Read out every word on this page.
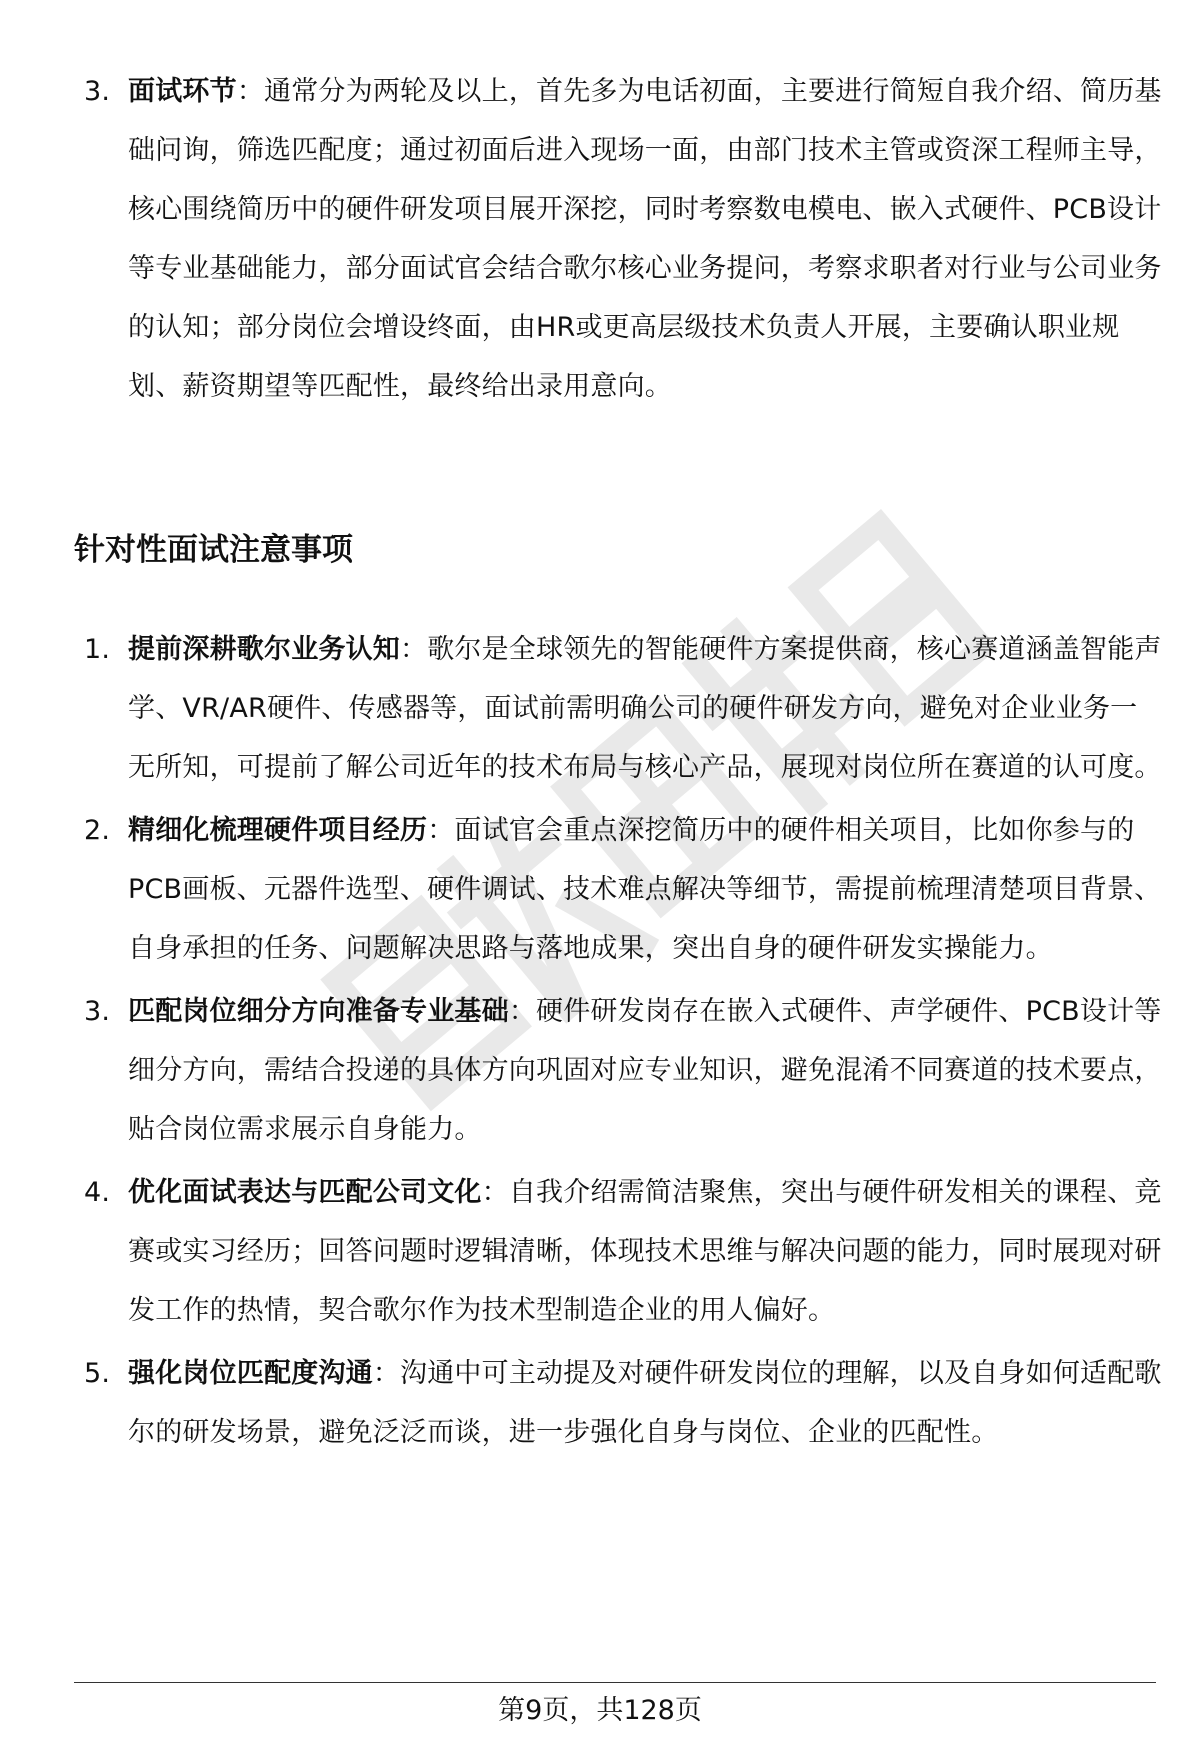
3. 面试环节：通常分为两轮及以上，首先多为电话初面，主要进行简短自我介绍、简历基础问询，筛选匹配度；通过初面后进入现场一面，由部门技术主管或资深工程师主导，核心围绕简历中的硬件研发项目展开深挖，同时考察数电模电、嵌入式硬件、PCB设计等专业基础能力，部分面试官会结合歌尔核心业务提问，考察求职者对行业与公司业务的认知；部分岗位会增设终面，由HR或更高层级技术负责人开展，主要确认职业规划、薪资期望等匹配性，最终给出录用意向。
针对性面试注意事项
1. 提前深耕歌尔业务认知：歌尔是全球领先的智能硬件方案提供商，核心赛道涵盖智能声学、VR/AR硬件、传感器等，面试前需明确公司的硬件研发方向，避免对企业业务一无所知，可提前了解公司近年的技术布局与核心产品，展现对岗位所在赛道的认可度。
2. 精细化梳理硬件项目经历：面试官会重点深挖简历中的硬件相关项目，比如你参与的PCB画板、元器件选型、硬件调试、技术难点解决等细节，需提前梳理清楚项目背景、自身承担的任务、问题解决思路与落地成果，突出自身的硬件研发实操能力。
3. 匹配岗位细分方向准备专业基础：硬件研发岗存在嵌入式硬件、声学硬件、PCB设计等细分方向，需结合投递的具体方向巩固对应专业知识，避免混淆不同赛道的技术要点，贴合岗位需求展示自身能力。
4. 优化面试表达与匹配公司文化：自我介绍需简洁聚焦，突出与硬件研发相关的课程、竞赛或实习经历；回答问题时逻辑清晰，体现技术思维与解决问题的能力，同时展现对研发工作的热情，契合歌尔作为技术型制造企业的用人偏好。
5. 强化岗位匹配度沟通：沟通中可主动提及对硬件研发岗位的理解，以及自身如何适配歌尔的研发场景，避免泛泛而谈，进一步强化自身与岗位、企业的匹配性。
第9页，共128页
